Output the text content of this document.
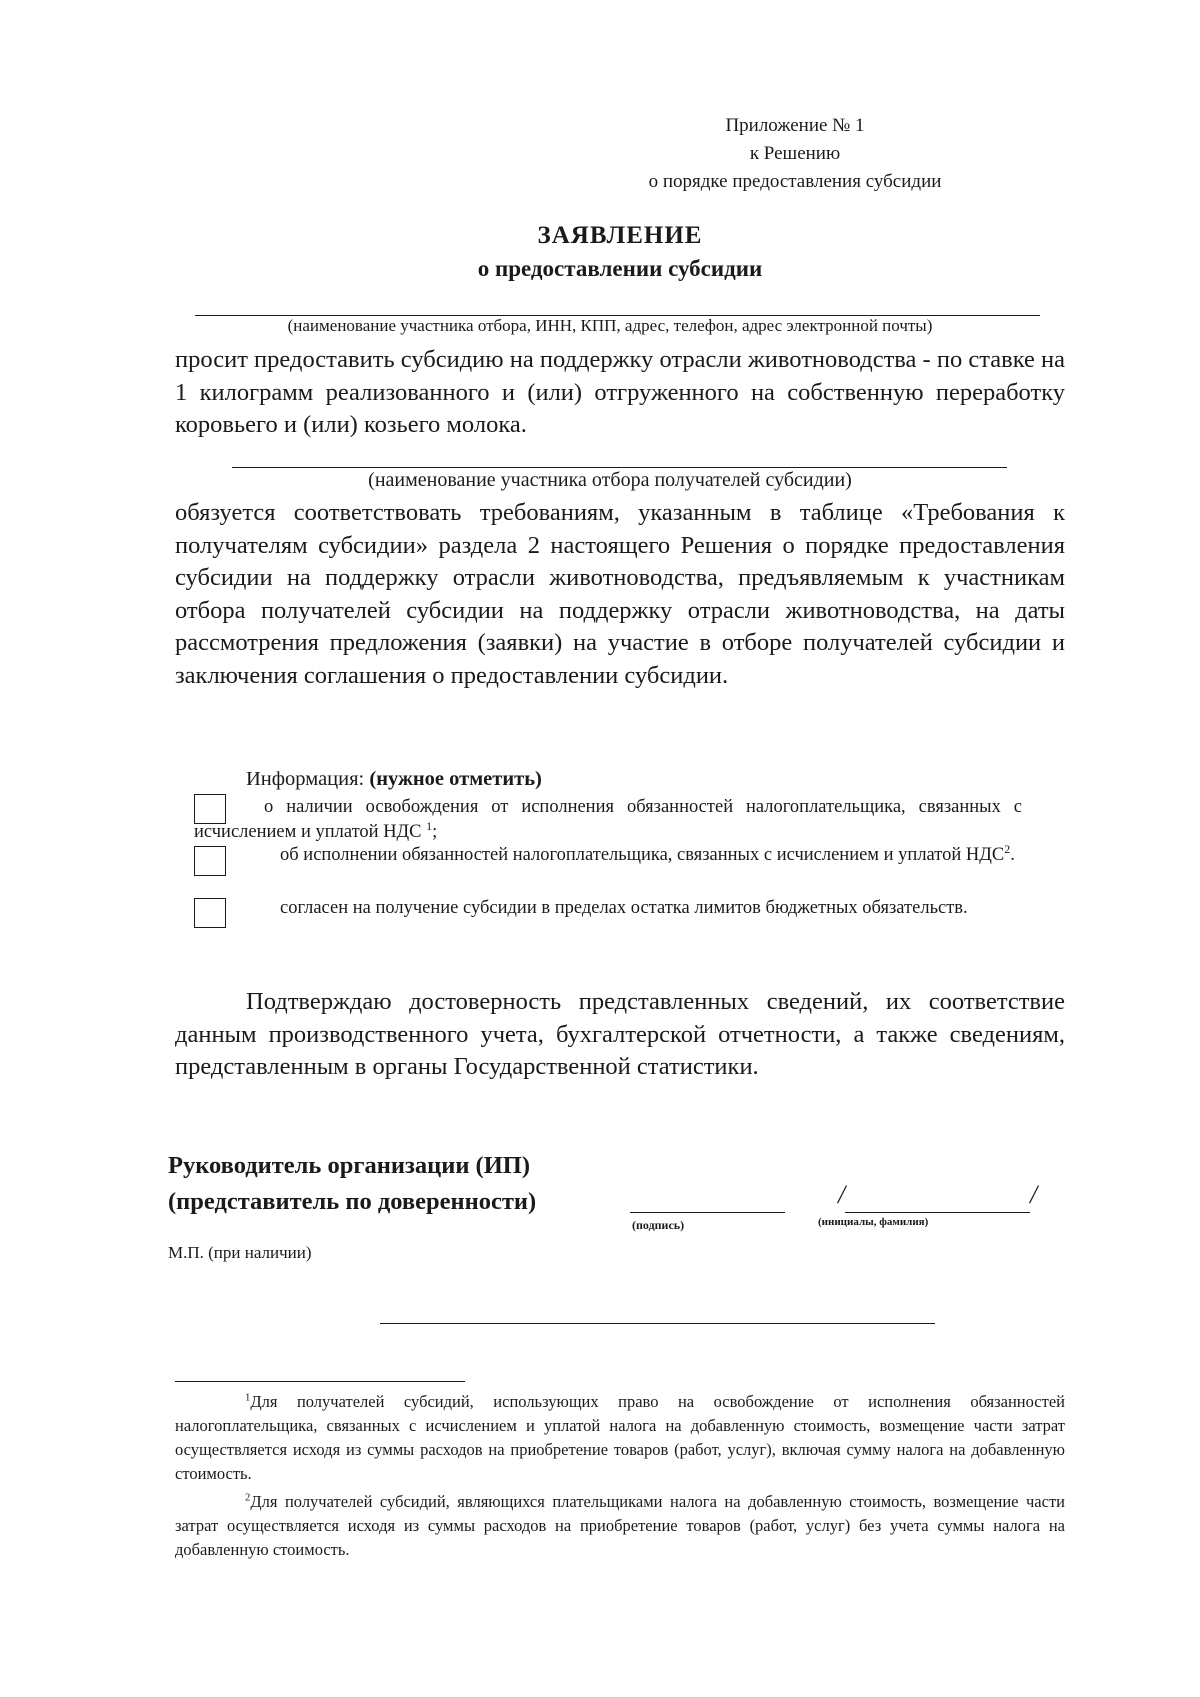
Приложение № 1
к Решению
о порядке предоставления субсидии
ЗАЯВЛЕНИЕ
о предоставлении субсидии
(наименование участника отбора, ИНН, КПП, адрес, телефон, адрес электронной почты)
просит предоставить субсидию на поддержку отрасли животноводства - по ставке на 1 килограмм реализованного и (или) отгруженного на собственную переработку коровьего и (или) козьего молока.
(наименование участника отбора получателей субсидии)
обязуется соответствовать требованиям, указанным в таблице «Требования к получателям субсидии» раздела 2 настоящего Решения о порядке предоставления субсидии на поддержку отрасли животноводства, предъявляемым к участникам отбора получателей субсидии на поддержку отрасли животноводства, на даты рассмотрения предложения (заявки) на участие в отборе получателей субсидии и заключения соглашения о предоставлении субсидии.
Информация: (нужное отметить)
о наличии освобождения от исполнения обязанностей налогоплательщика, связанных с исчислением и уплатой НДС $^1$;
об исполнении обязанностей налогоплательщика, связанных с исчислением и уплатой НДС$^2$.
согласен на получение субсидии в пределах остатка лимитов бюджетных обязательств.
Подтверждаю достоверность представленных сведений, их соответствие данным производственного учета, бухгалтерской отчетности, а также сведениям, представленным в органы Государственной статистики.
Руководитель организации (ИП)
(представитель по доверенности)
(подпись)
/	/
(инициалы, фамилия)
М.П. (при наличии)
$^1$Для получателей субсидий, использующих право на освобождение от исполнения обязанностей налогоплательщика, связанных с исчислением и уплатой налога на добавленную стоимость, возмещение части затрат осуществляется исходя из суммы расходов на приобретение товаров (работ, услуг), включая сумму налога на добавленную стоимость.
$^2$Для получателей субсидий, являющихся плательщиками налога на добавленную стоимость, возмещение части затрат осуществляется исходя из суммы расходов на приобретение товаров (работ, услуг) без учета суммы налога на добавленную стоимость.
